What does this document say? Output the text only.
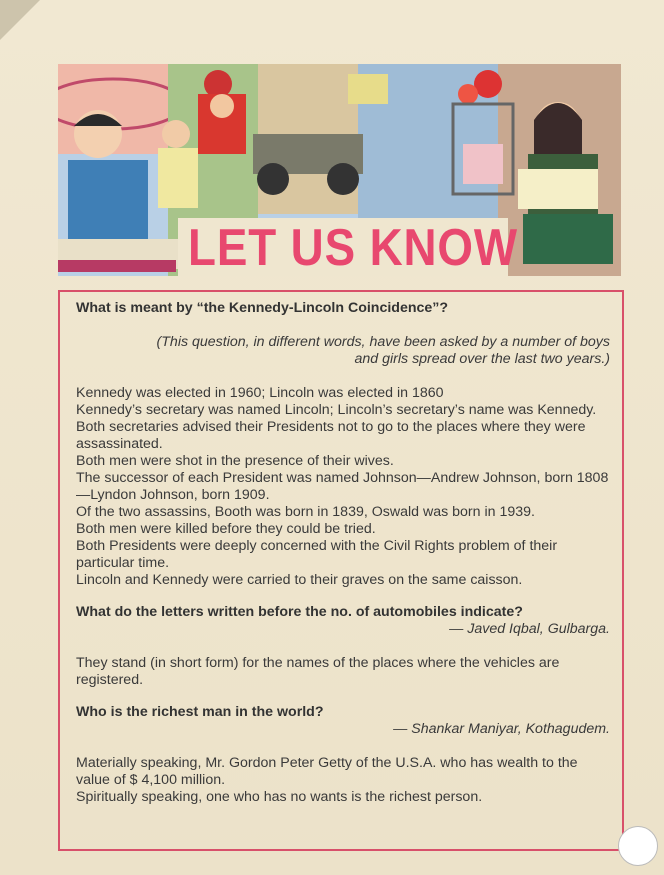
LET US KNOW
What is meant by “the Kennedy-Lincoln Coincidence”?
(This question, in different words, have been asked by a number of boys
and girls spread over the last two years.)

Kennedy was elected in 1960; Lincoln was elected in 1860

Kennedy’s secretary was named Lincoln; Lincoln’s secretary’s name was Kennedy.

Both secretaries advised their Presidents not to go to the places where they were assassinated.

Both men were shot in the presence of their wives.

The successor of each President was named Johnson—Andrew Johnson, born 1808—Lyndon Johnson, born 1909.

Of the two assassins, Booth was born in 1839, Oswald was born in 1939.

Both men were killed before they could be tried.

Both Presidents were deeply concerned with the Civil Rights problem of their particular time.

Lincoln and Kennedy were carried to their graves on the same caisson.

What do the letters written before the no. of automobiles indicate?
— Javed Iqbal, Gulbarga.

They stand (in short form) for the names of the places where the vehicles are registered.

Who is the richest man in the world?
— Shankar Maniyar, Kothagudem.

Materially speaking, Mr. Gordon Peter Getty of the U.S.A. who has wealth to the value of $ 4,100 million.

Spiritually speaking, one who has no wants is the richest person.
